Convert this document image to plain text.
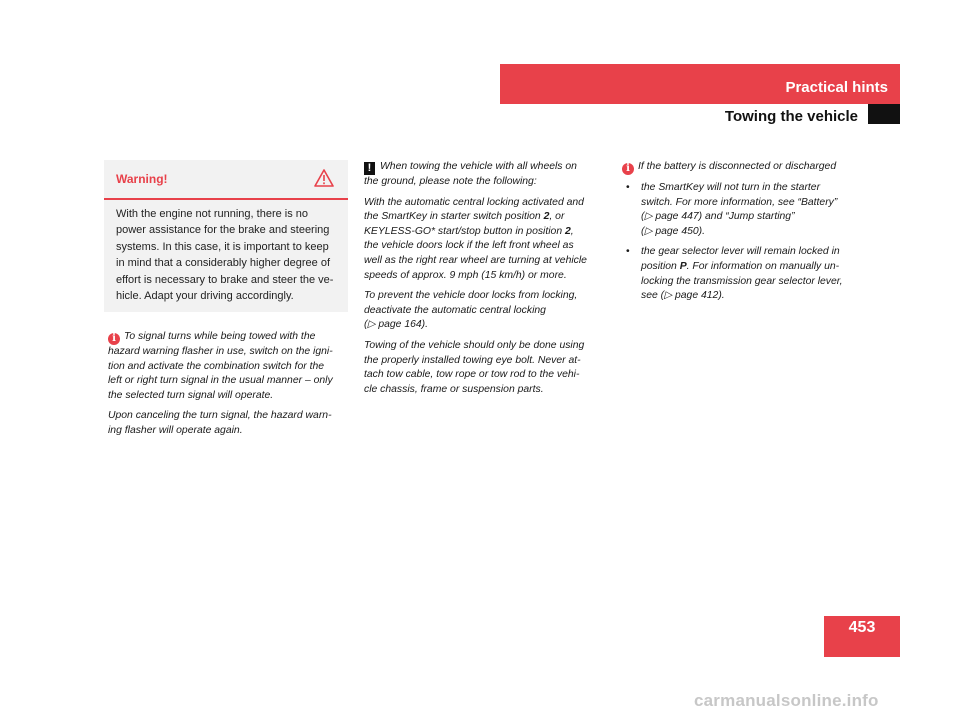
Practical hints
Towing the vehicle
453
Warning!
With the engine not running, there is no
power assistance for the brake and steering
systems. In this case, it is important to keep
in mind that a considerably higher degree of
effort is necessary to brake and steer the ve-
hicle. Adapt your driving accordingly.

i To signal turns while being towed with the
hazard warning flasher in use, switch on the igni-
tion and activate the combination switch for the
left or right turn signal in the usual manner – only
the selected turn signal will operate.

Upon canceling the turn signal, the hazard warn-
ing flasher will operate again.

! When towing the vehicle with all wheels on
the ground, please note the following:

With the automatic central locking activated and
the SmartKey in starter switch position 2, or
KEYLESS-GO* start/stop button in position 2,
the vehicle doors lock if the left front wheel as
well as the right rear wheel are turning at vehicle
speeds of approx. 9 mph (15 km/h) or more.

To prevent the vehicle door locks from locking,
deactivate the automatic central locking
(▷ page 164).

Towing of the vehicle should only be done using
the properly installed towing eye bolt. Never at-
tach tow cable, tow rope or tow rod to the vehi-
cle chassis, frame or suspension parts.

i If the battery is disconnected or discharged

• the SmartKey will not turn in the starter
switch. For more information, see “Battery”
(▷ page 447) and “Jump starting”
(▷ page 450).
• the gear selector lever will remain locked in
position P. For information on manually un-
locking the transmission gear selector lever,
see (▷ page 412).
carmanualsonline.info
